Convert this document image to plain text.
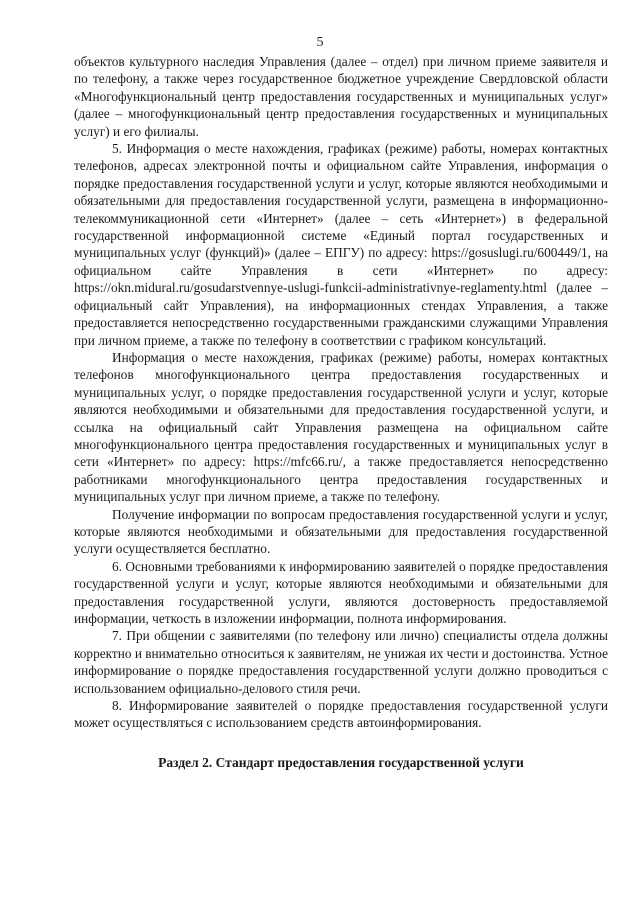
5

объектов культурного наследия Управления (далее – отдел) при личном приеме заявителя и по телефону, а также через государственное бюджетное учреждение Свердловской области «Многофункциональный центр предоставления государственных и муниципальных услуг» (далее – многофункциональный центр предоставления государственных и муниципальных услуг) и его филиалы.

5. Информация о месте нахождения, графиках (режиме) работы, номерах контактных телефонов, адресах электронной почты и официальном сайте Управления, информация о порядке предоставления государственной услуги и услуг, которые являются необходимыми и обязательными для предоставления государственной услуги, размещена в информационно-телекоммуникационной сети «Интернет» (далее – сеть «Интернет») в федеральной государственной информационной системе «Единый портал государственных и муниципальных услуг (функций)» (далее – ЕПГУ) по адресу: https://gosuslugi.ru/600449/1, на официальном сайте Управления в сети «Интернет» по адресу: https://okn.midural.ru/gosudarstvennye-uslugi-funkcii-administrativnye-reglamenty.html (далее – официальный сайт Управления), на информационных стендах Управления, а также предоставляется непосредственно государственными гражданскими служащими Управления при личном приеме, а также по телефону в соответствии с графиком консультаций.

Информация о месте нахождения, графиках (режиме) работы, номерах контактных телефонов многофункционального центра предоставления государственных и муниципальных услуг, о порядке предоставления государственной услуги и услуг, которые являются необходимыми и обязательными для предоставления государственной услуги, и ссылка на официальный сайт Управления размещена на официальном сайте многофункционального центра предоставления государственных и муниципальных услуг в сети «Интернет» по адресу: https://mfc66.ru/, а также предоставляется непосредственно работниками многофункционального центра предоставления государственных и муниципальных услуг при личном приеме, а также по телефону.

Получение информации по вопросам предоставления государственной услуги и услуг, которые являются необходимыми и обязательными для предоставления государственной услуги осуществляется бесплатно.

6. Основными требованиями к информированию заявителей о порядке предоставления государственной услуги и услуг, которые являются необходимыми и обязательными для предоставления государственной услуги, являются достоверность предоставляемой информации, четкость в изложении информации, полнота информирования.

7. При общении с заявителями (по телефону или лично) специалисты отдела должны корректно и внимательно относиться к заявителям, не унижая их чести и достоинства. Устное информирование о порядке предоставления государственной услуги должно проводиться с использованием официально-делового стиля речи.

8. Информирование заявителей о порядке предоставления государственной услуги может осуществляться с использованием средств автоинформирования.

Раздел 2. Стандарт предоставления государственной услуги
